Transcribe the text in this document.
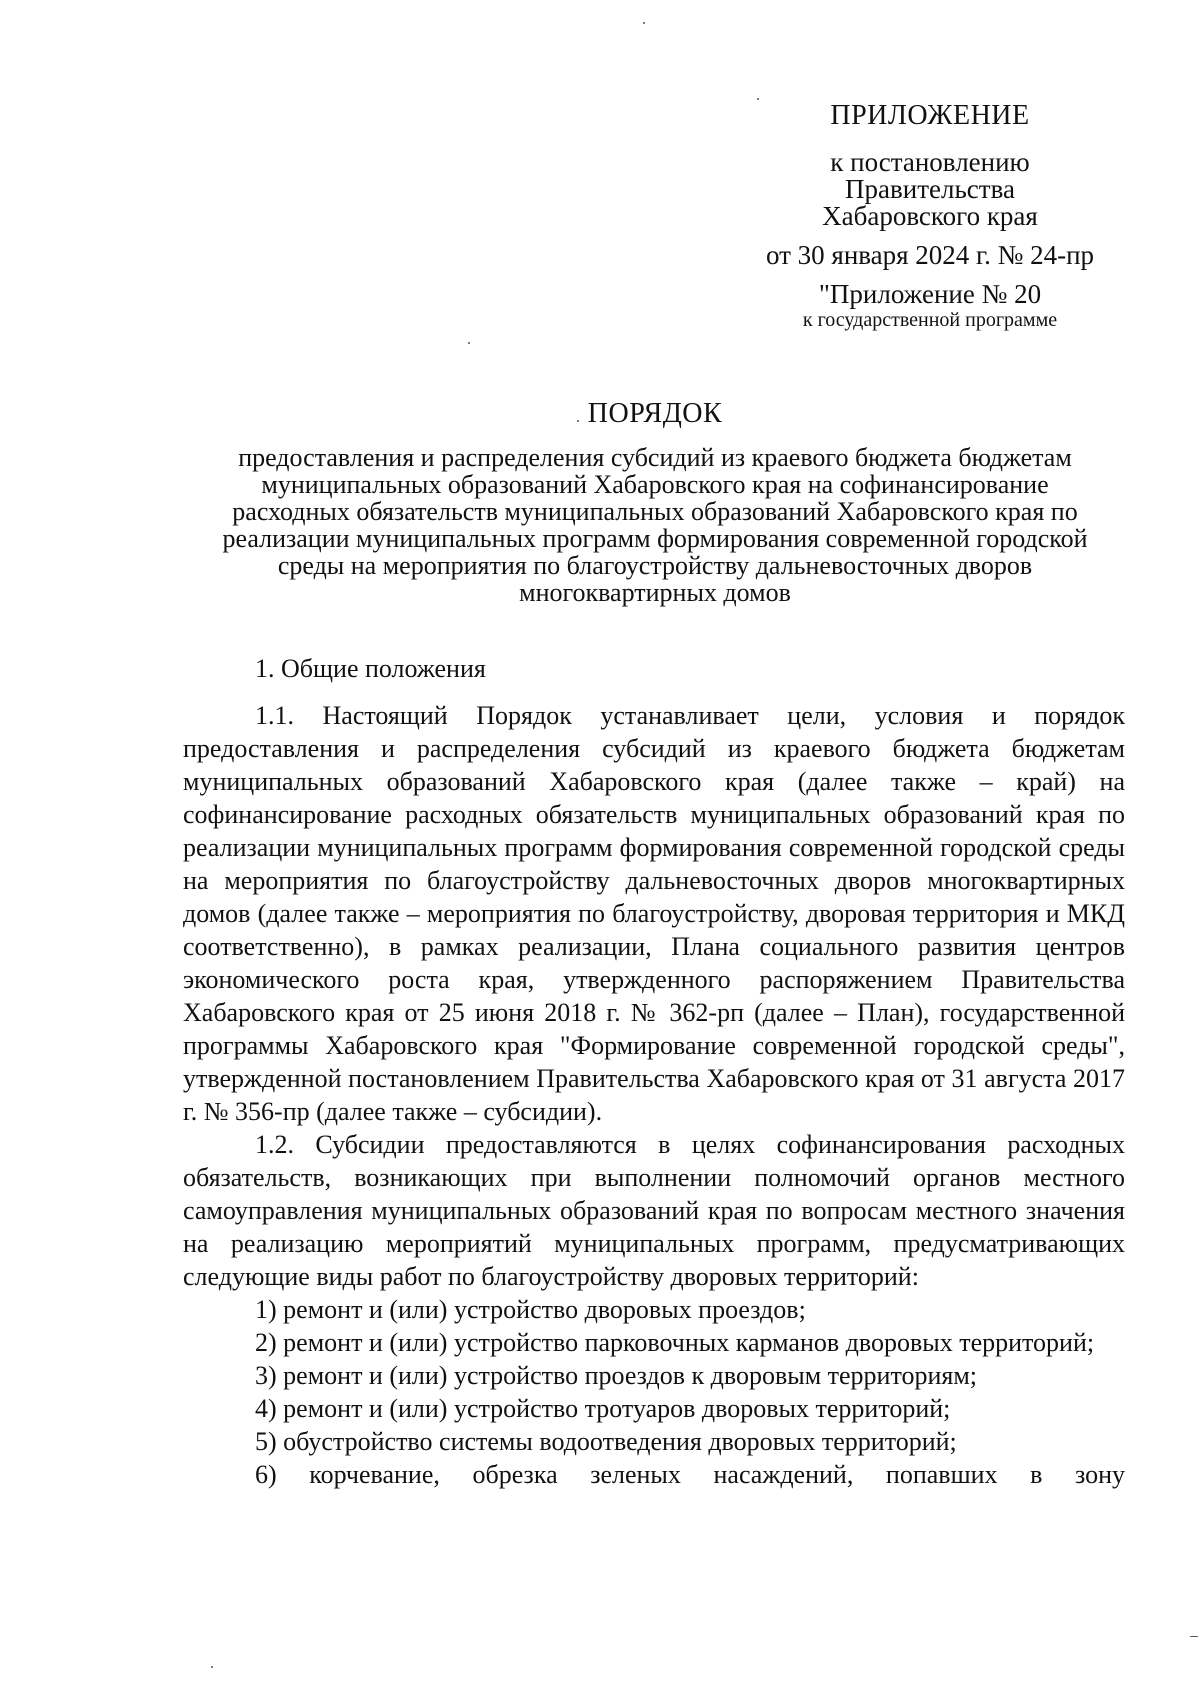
ПРИЛОЖЕНИЕ
к постановлению
Правительства
Хабаровского края
от 30 января 2024 г. № 24-пр
"Приложение № 20
к государственной программе
ПОРЯДОК
предоставления и распределения субсидий из краевого бюджета бюджетам
муниципальных образований Хабаровского края на софинансирование
расходных обязательств муниципальных образований Хабаровского края по
реализации муниципальных программ формирования современной городской
среды на мероприятия по благоустройству дальневосточных дворов
многоквартирных домов
1. Общие положения

1.1. Настоящий Порядок устанавливает цели, условия и порядок предоставления и распределения субсидий из краевого бюджета бюджетам муниципальных образований Хабаровского края (далее также – край) на софинансирование расходных обязательств муниципальных образований края по реализации муниципальных программ формирования современной городской среды на мероприятия по благоустройству дальневосточных дворов многоквартирных домов (далее также – мероприятия по благоустройству, дворовая территория и МКД соответственно), в рамках реализации, Плана социального развития центров экономического роста края, утвержденного распоряжением Правительства Хабаровского края от 25 июня 2018 г. № 362-рп (далее – План), государственной программы Хабаровского края "Формирование современной городской среды", утвержденной постановлением Правительства Хабаровского края от 31 августа 2017 г. № 356-пр (далее также – субсидии).

1.2. Субсидии предоставляются в целях софинансирования расходных обязательств, возникающих при выполнении полномочий органов местного самоуправления муниципальных образований края по вопросам местного значения на реализацию мероприятий муниципальных программ, предусматривающих следующие виды работ по благоустройству дворовых территорий:

1) ремонт и (или) устройство дворовых проездов;

2) ремонт и (или) устройство парковочных карманов дворовых территорий;

3) ремонт и (или) устройство проездов к дворовым территориям;

4) ремонт и (или) устройство тротуаров дворовых территорий;

5) обустройство системы водоотведения дворовых территорий;

6) корчевание, обрезка зеленых насаждений, попавших в зону
